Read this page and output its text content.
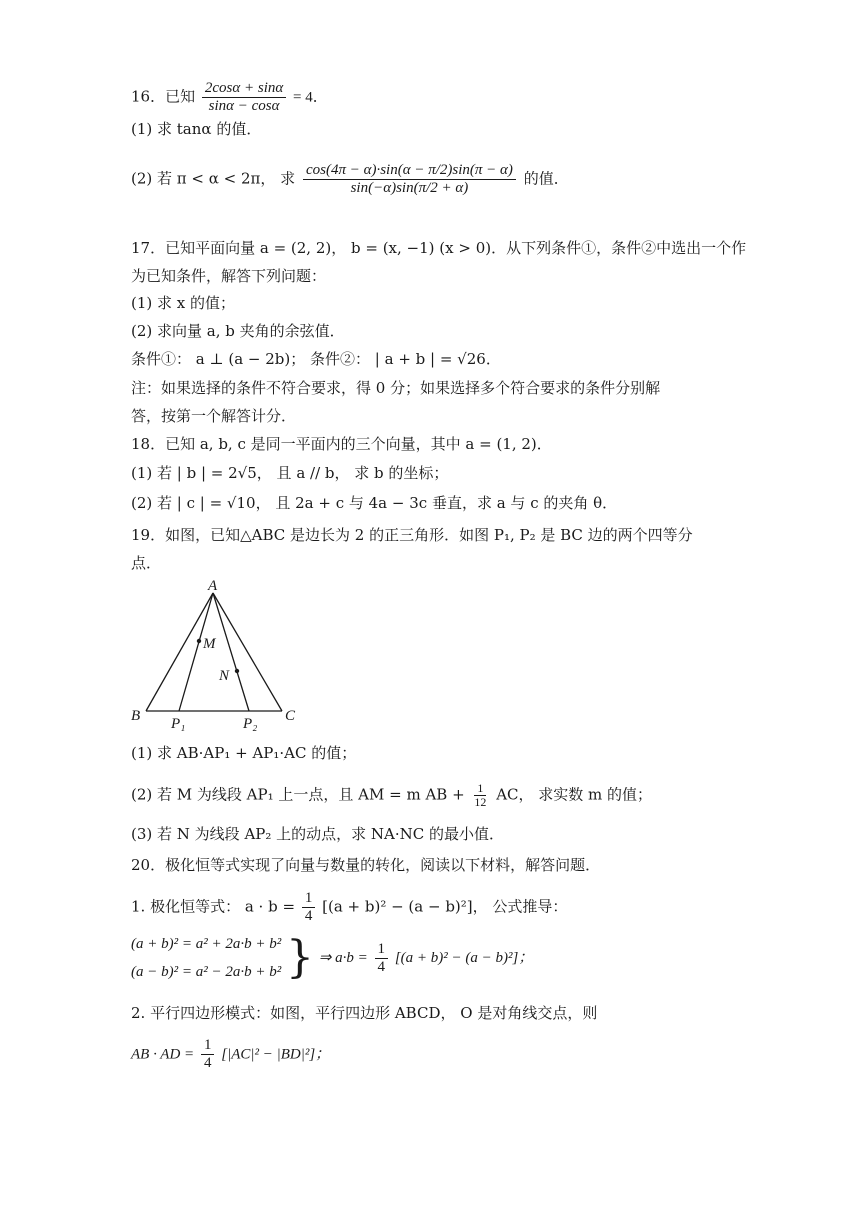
16．已知 $\frac{2\cos\alpha + \sin\alpha}{\sin\alpha - \cos\alpha} = 4$．
(1) 求 tanα 的值．
(2) 若 π < α < 2π， 求 $\frac{\cos(4\pi - \alpha)\cdot\sin(\alpha - \pi/2)\sin(\pi - \alpha)}{\sin(-\alpha)\sin(\pi/2 + \alpha)}$ 的值．
17．已知平面向量 a = (2, 2)， b = (x, −1) (x > 0)．从下列条件①，条件②中选出一个作
为已知条件，解答下列问题：
(1) 求 x 的值；
(2) 求向量 a, b 夹角的余弦值．
条件①： a ⊥ (a − 2b)； 条件②： | a + b | = √26．
注：如果选择的条件不符合要求，得 0 分；如果选择多个符合要求的条件分别解
答，按第一个解答计分．
18．已知 a, b, c 是同一平面内的三个向量，其中 a = (1, 2)．
(1) 若 | b | = 2√5， 且 a // b， 求 b 的坐标；
(2) 若 | c | = √10， 且 2a + c 与 4a − 3c 垂直，求 a 与 c 的夹角 θ．
19．如图，已知△ABC 是边长为 2 的正三角形．如图 P₁, P₂ 是 BC 边的两个四等分
点．
A
B	C
M
N
P₁	P₂
(1) 求 AB·AP₁ + AP₁·AC 的值；
(2) 若 M 为线段 AP₁ 上一点，且 AM = m AB + $\frac{1}{12}$ AC， 求实数 m 的值；
(3) 若 N 为线段 AP₂ 上的动点，求 NA·NC 的最小值．
20．极化恒等式实现了向量与数量的转化，阅读以下材料，解答问题．
1. 极化恒等式： $a \cdot b = \frac{1}{4} [(a + b)^2 - (a - b)^2]$， 公式推导：
(a + b)² = a² + 2a·b + b²
(a − b)² = a² − 2a·b + b² } ⇒ $a\cdot b = \frac{1}{4} [(a + b)^2 - (a - b)^2]$；
2. 平行四边形模式：如图，平行四边形 ABCD， O 是对角线交点，则
AB · AD = $\frac{1}{4} [|AC|^2 - |BD|^2]$；
